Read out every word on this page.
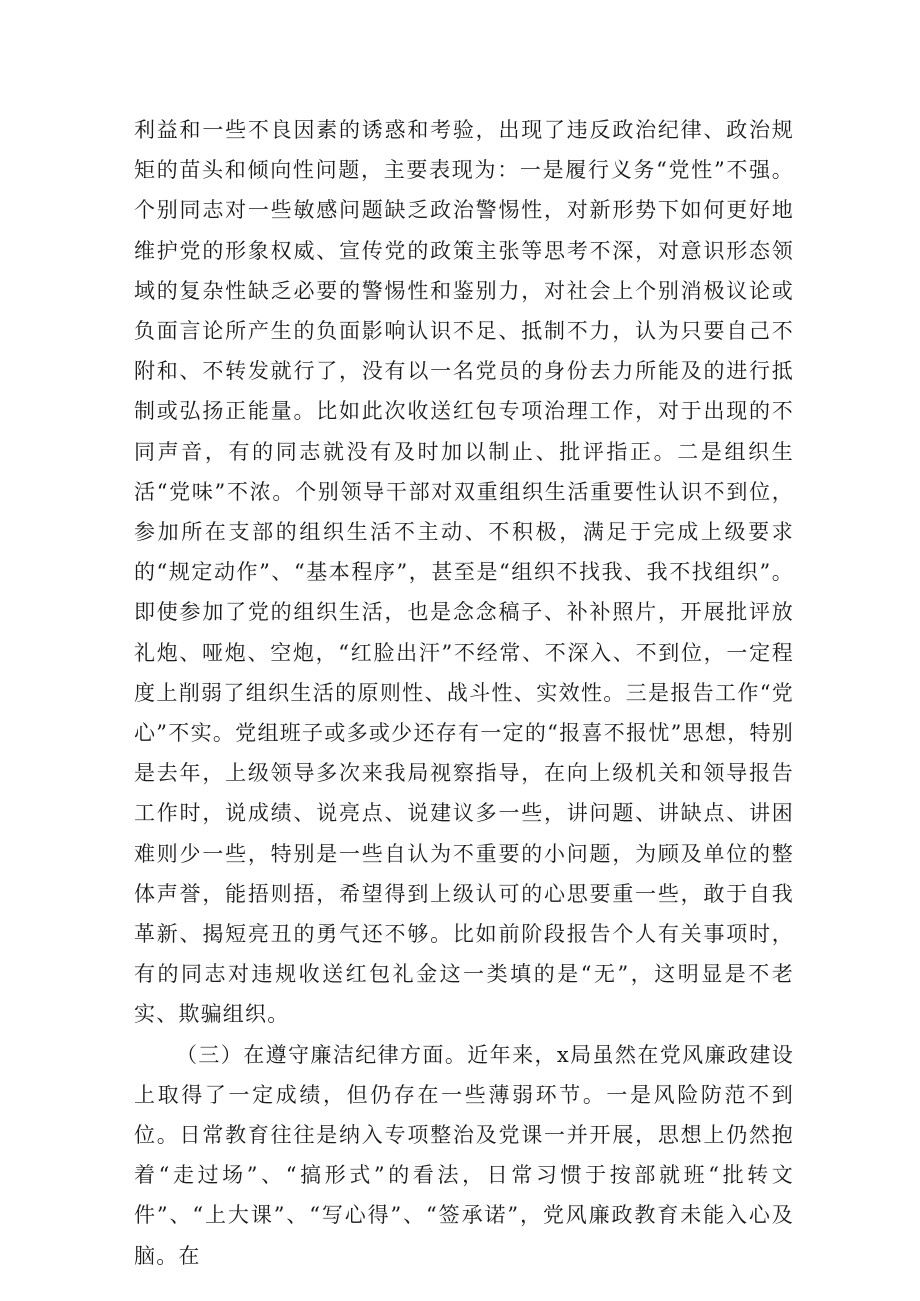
利益和一些不良因素的诱惑和考验，出现了违反政治纪律、政治规矩的苗头和倾向性问题，主要表现为：一是履行义务“党性”不强。个别同志对一些敏感问题缺乏政治警惕性，对新形势下如何更好地维护党的形象权威、宣传党的政策主张等思考不深，对意识形态领域的复杂性缺乏必要的警惕性和鉴别力，对社会上个别消极议论或负面言论所产生的负面影响认识不足、抵制不力，认为只要自己不附和、不转发就行了，没有以一名党员的身份去力所能及的进行抵制或弘扬正能量。比如此次收送红包专项治理工作，对于出现的不同声音，有的同志就没有及时加以制止、批评指正。二是组织生活“党味”不浓。个别领导干部对双重组织生活重要性认识不到位，参加所在支部的组织生活不主动、不积极，满足于完成上级要求的“规定动作”、“基本程序”，甚至是“组织不找我、我不找组织”。即使参加了党的组织生活，也是念念稿子、补补照片，开展批评放礼炮、哑炮、空炮，“红脸出汗”不经常、不深入、不到位，一定程度上削弱了组织生活的原则性、战斗性、实效性。三是报告工作“党心”不实。党组班子或多或少还存有一定的“报喜不报忧”思想，特别是去年，上级领导多次来我局视察指导，在向上级机关和领导报告工作时，说成绩、说亮点、说建议多一些，讲问题、讲缺点、讲困难则少一些，特别是一些自认为不重要的小问题，为顾及单位的整体声誉，能捂则捂，希望得到上级认可的心思要重一些，敢于自我革新、揭短亮丑的勇气还不够。比如前阶段报告个人有关事项时，有的同志对违规收送红包礼金这一类填的是“无”，这明显是不老实、欺骗组织。

（三）在遵守廉洁纪律方面。近年来，x局虽然在党风廉政建设上取得了一定成绩，但仍存在一些薄弱环节。一是风险防范不到位。日常教育往往是纳入专项整治及党课一并开展，思想上仍然抱着“走过场”、“搞形式”的看法，日常习惯于按部就班“批转文件”、“上大课”、“写心得”、“签承诺”，党风廉政教育未能入心及脑。在
